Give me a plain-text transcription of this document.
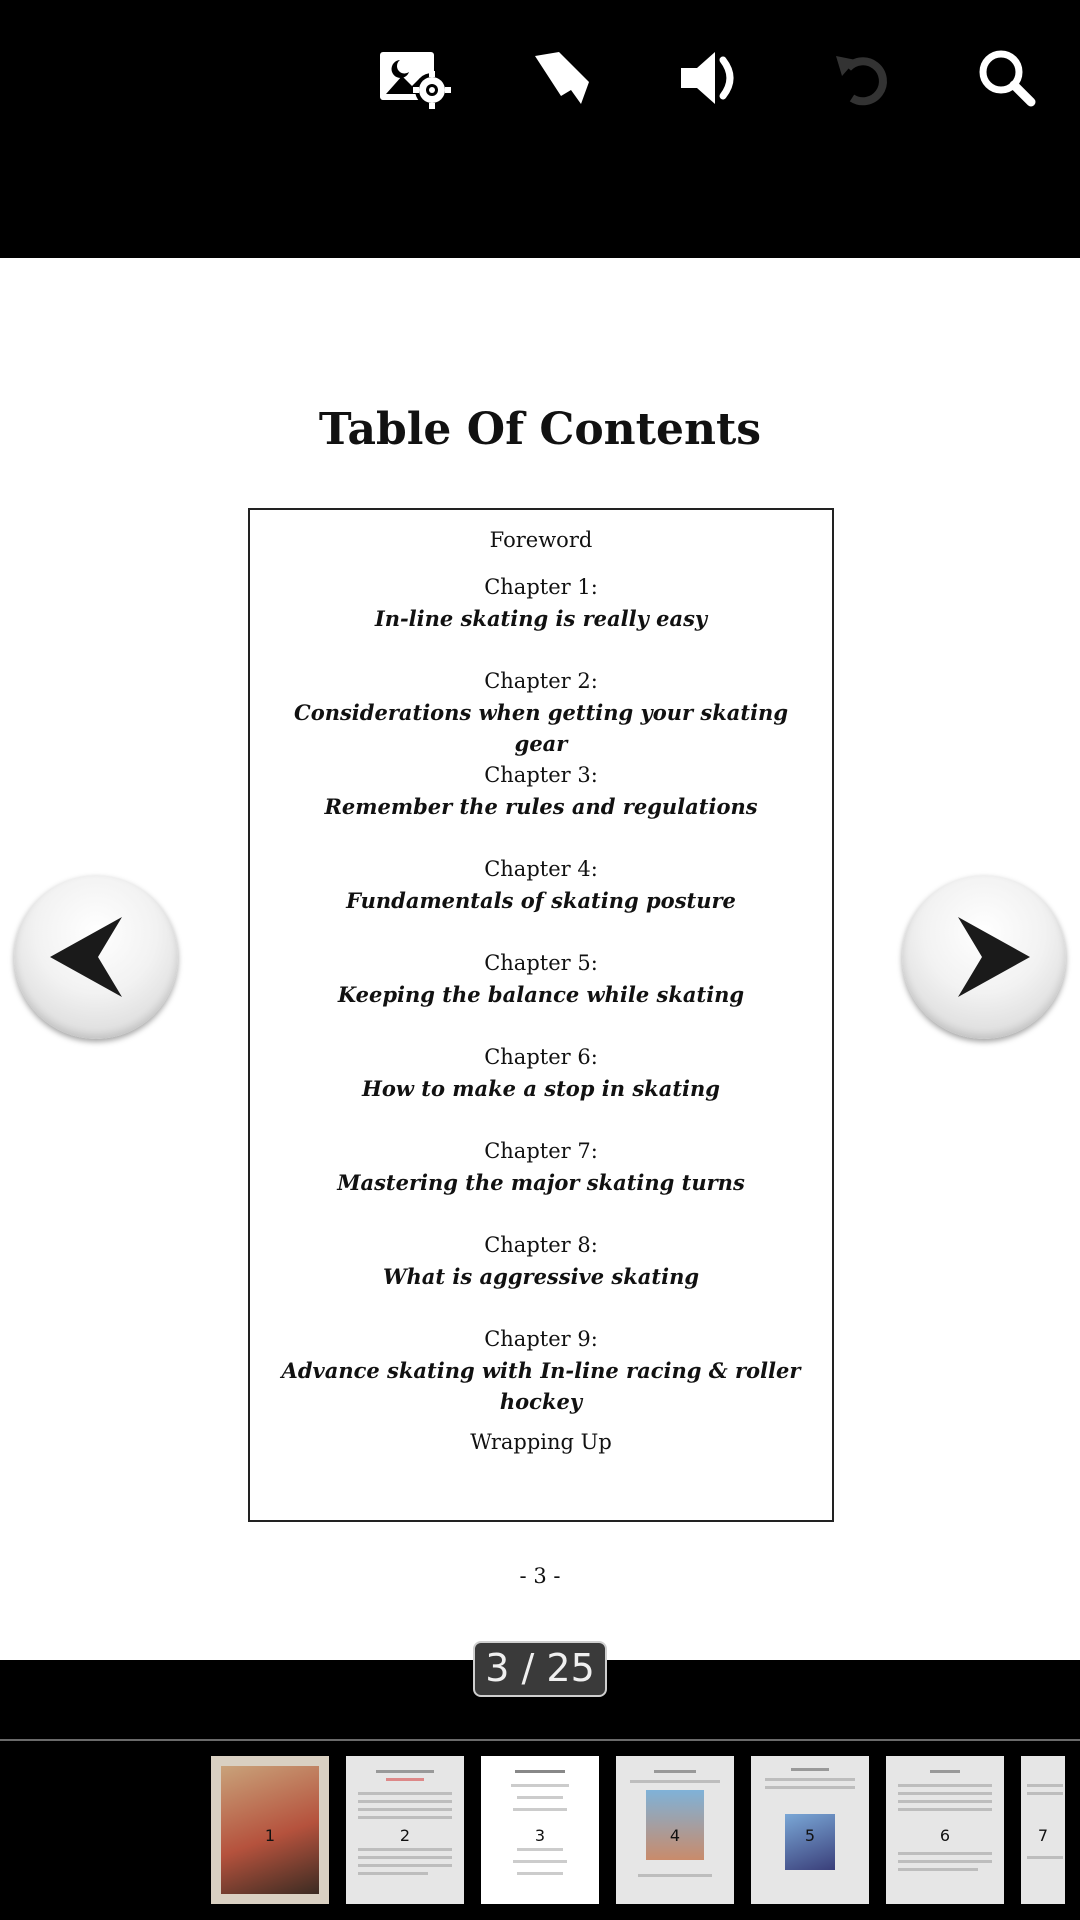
Table Of Contents
Foreword
Chapter 1:
In-line skating is really easy
Chapter 2:
Considerations when getting your skating gear
Chapter 3:
Remember the rules and regulations
Chapter 4:
Fundamentals of skating posture
Chapter 5:
Keeping the balance while skating
Chapter 6:
How to make a stop in skating
Chapter 7:
Mastering the major skating turns
Chapter 8:
What is aggressive skating
Chapter 9:
Advance skating with In-line racing & roller hockey
Wrapping Up
- 3 -
3 / 25
1	2	3	4	5	6	7
